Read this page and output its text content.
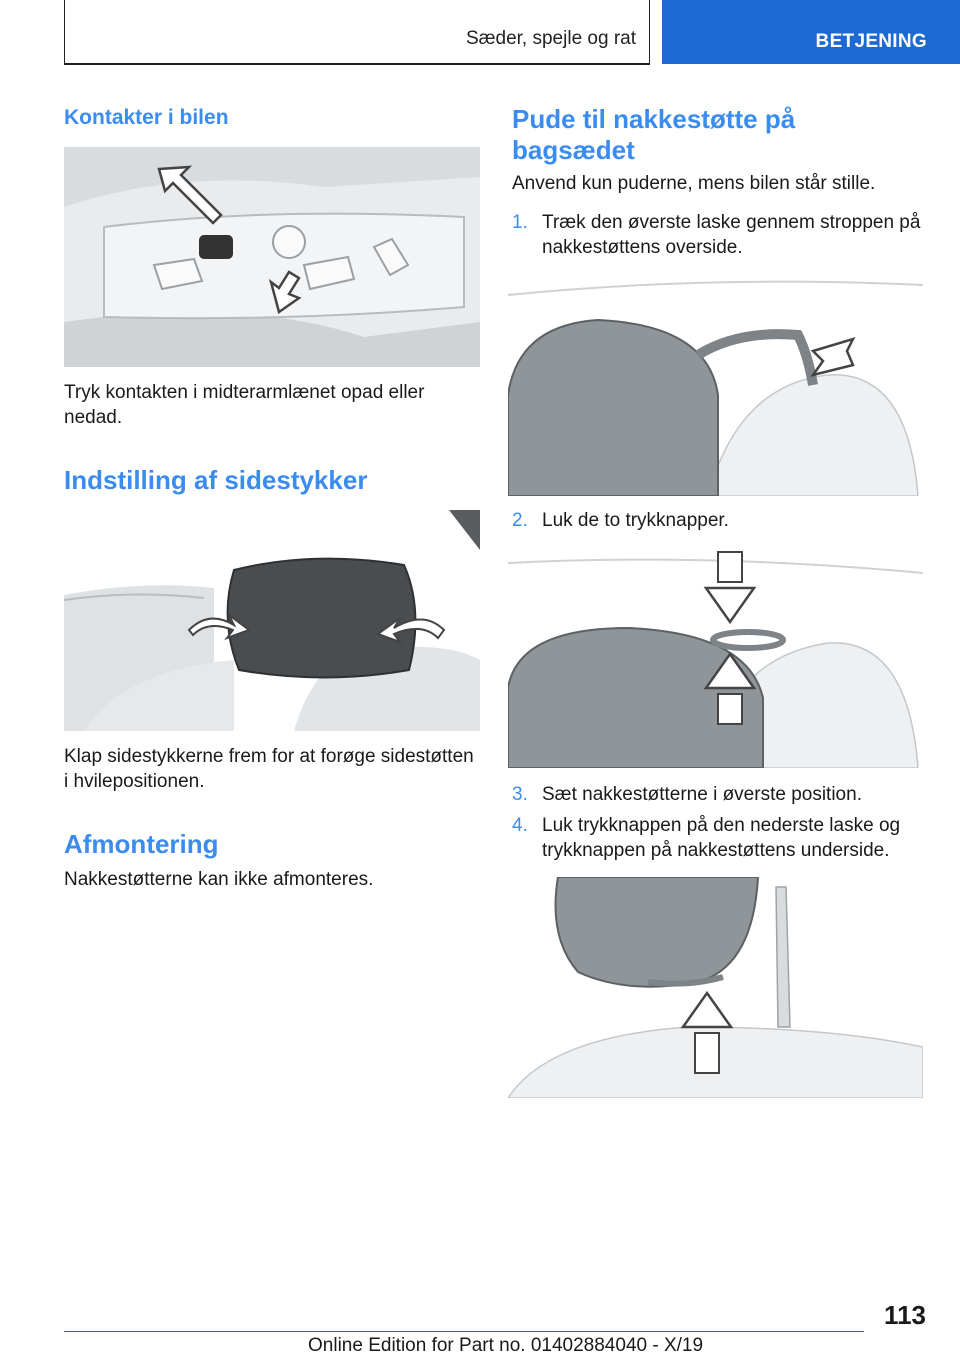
Sæder, spejle og rat	BETJENING
Kontakter i bilen
Tryk kontakten i midterarmlænet opad eller nedad.
Indstilling af sidestykker
Klap sidestykkerne frem for at forøge sidestøtten i hvilepositionen.
Afmontering
Nakkestøtterne kan ikke afmonteres.
Pude til nakkestøtte på bagsædet
Anvend kun puderne, mens bilen står stille.
1. Træk den øverste laske gennem stroppen på nakkestøttens overside.
2. Luk de to trykknapper.
3. Sæt nakkestøtterne i øverste position.
4. Luk trykknappen på den nederste laske og trykknappen på nakkestøttens underside.
113
Online Edition for Part no. 01402884040 - X/19
